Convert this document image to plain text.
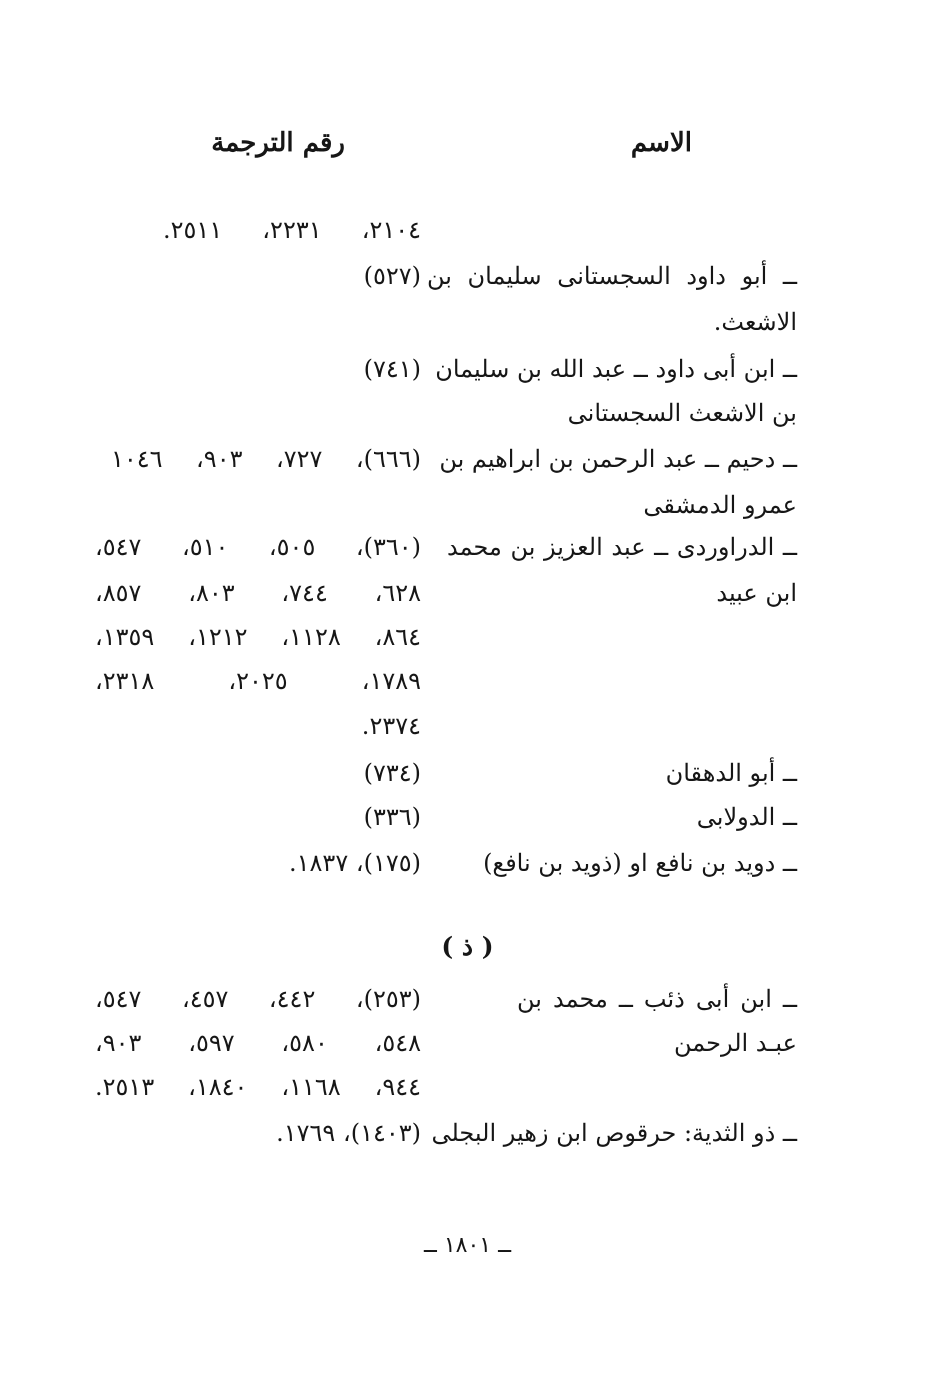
الاسم
رقم الترجمة
٢١٠٤، ٢٢٣١، ٢٥١١.
ــ أبو داود السجستانى سليمان بن
الاشعث.
(٥٢٧)
ــ ابن أبى داود ــ عبد الله بن سليمان
بن الاشعث السجستانى
(٧٤١)
ــ دحيم ــ عبد الرحمن بن ابراهيم بن
عمرو الدمشقى
(٦٦٦)، ٧٢٧، ٩٠٣، ١٠٤٦
ــ الدراوردى ــ عبد العزيز بن محمد
ابن عبيد
(٣٦٠)، ٥٠٥، ٥١٠، ٥٤٧،
٦٢٨، ٧٤٤، ٨٠٣، ٨٥٧،
٨٦٤، ١١٢٨، ١٢١٢، ١٣٥٩،
١٧٨٩، ٢٠٢٥، ٢٣١٨،
٢٣٧٤.
ــ أبو الدهقان
(٧٣٤)
ــ الدولابى
(٣٣٦)
ــ دويد بن نافع او (ذويد بن نافع)
(١٧٥)، ١٨٣٧.
( ذ )
ــ ابن أبى ذئب ــ محمد بن
عبـد الرحمن
(٢٥٣)، ٤٤٢، ٤٥٧، ٥٤٧،
٥٤٨، ٥٨٠، ٥٩٧، ٩٠٣،
٩٤٤، ١١٦٨، ١٨٤٠، ٢٥١٣.
ــ ذو الثدية: حرقوص ابن زهير البجلى
(١٤٠٣)، ١٧٦٩.
ــ ١٨٠١ ــ
